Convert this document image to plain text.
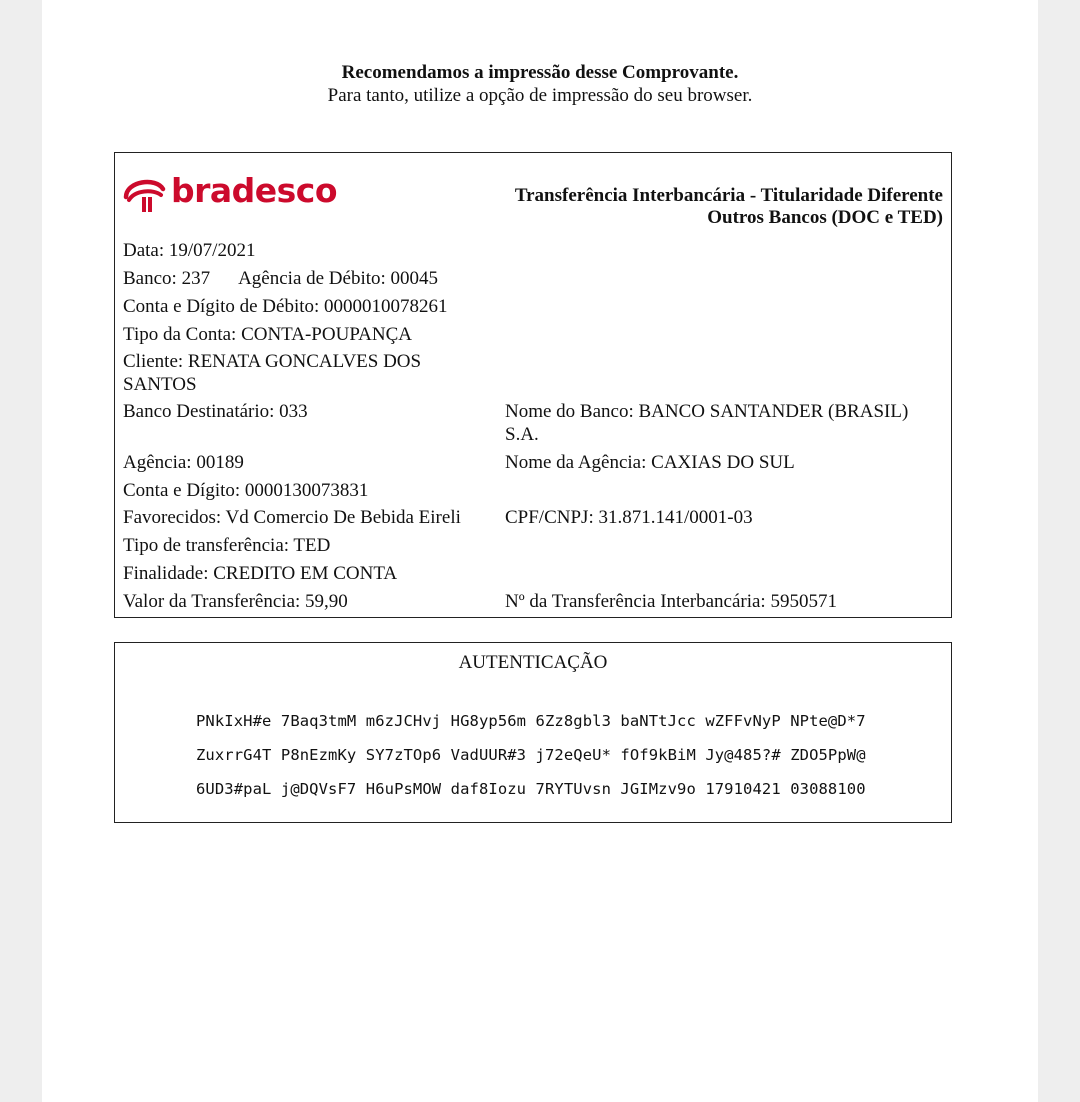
Recomendamos a impressão desse Comprovante.
Para tanto, utilize a opção de impressão do seu browser.
bradesco	Transferência Interbancária - Titularidade Diferente
Outros Bancos (DOC e TED)
Data: 19/07/2021
Banco: 237 Agência de Débito: 00045
Conta e Dígito de Débito: 0000010078261
Tipo da Conta: CONTA-POUPANÇA
Cliente: RENATA GONCALVES DOS
SANTOS
Banco Destinatário: 033	Nome do Banco: BANCO SANTANDER (BRASIL)
S.A.
Agência: 00189	Nome da Agência: CAXIAS DO SUL
Conta e Dígito: 0000130073831
Favorecidos: Vd Comercio De Bebida Eireli	CPF/CNPJ: 31.871.141/0001-03
Tipo de transferência: TED
Finalidade: CREDITO EM CONTA
Valor da Transferência: 59,90	Nº da Transferência Interbancária: 5950571
AUTENTICAÇÃO
PNkIxH#e 7Baq3tmM m6zJCHvj HG8yp56m 6Zz8gbl3 baNTtJcc wZFFvNyP NPte@D*7
ZuxrrG4T P8nEzmKy SY7zTOp6 VadUUR#3 j72eQeU* fOf9kBiM Jy@485?# ZDO5PpW@
6UD3#paL j@DQVsF7 H6uPsMOW daf8Iozu 7RYTUvsn JGIMzv9o 17910421 03088100
